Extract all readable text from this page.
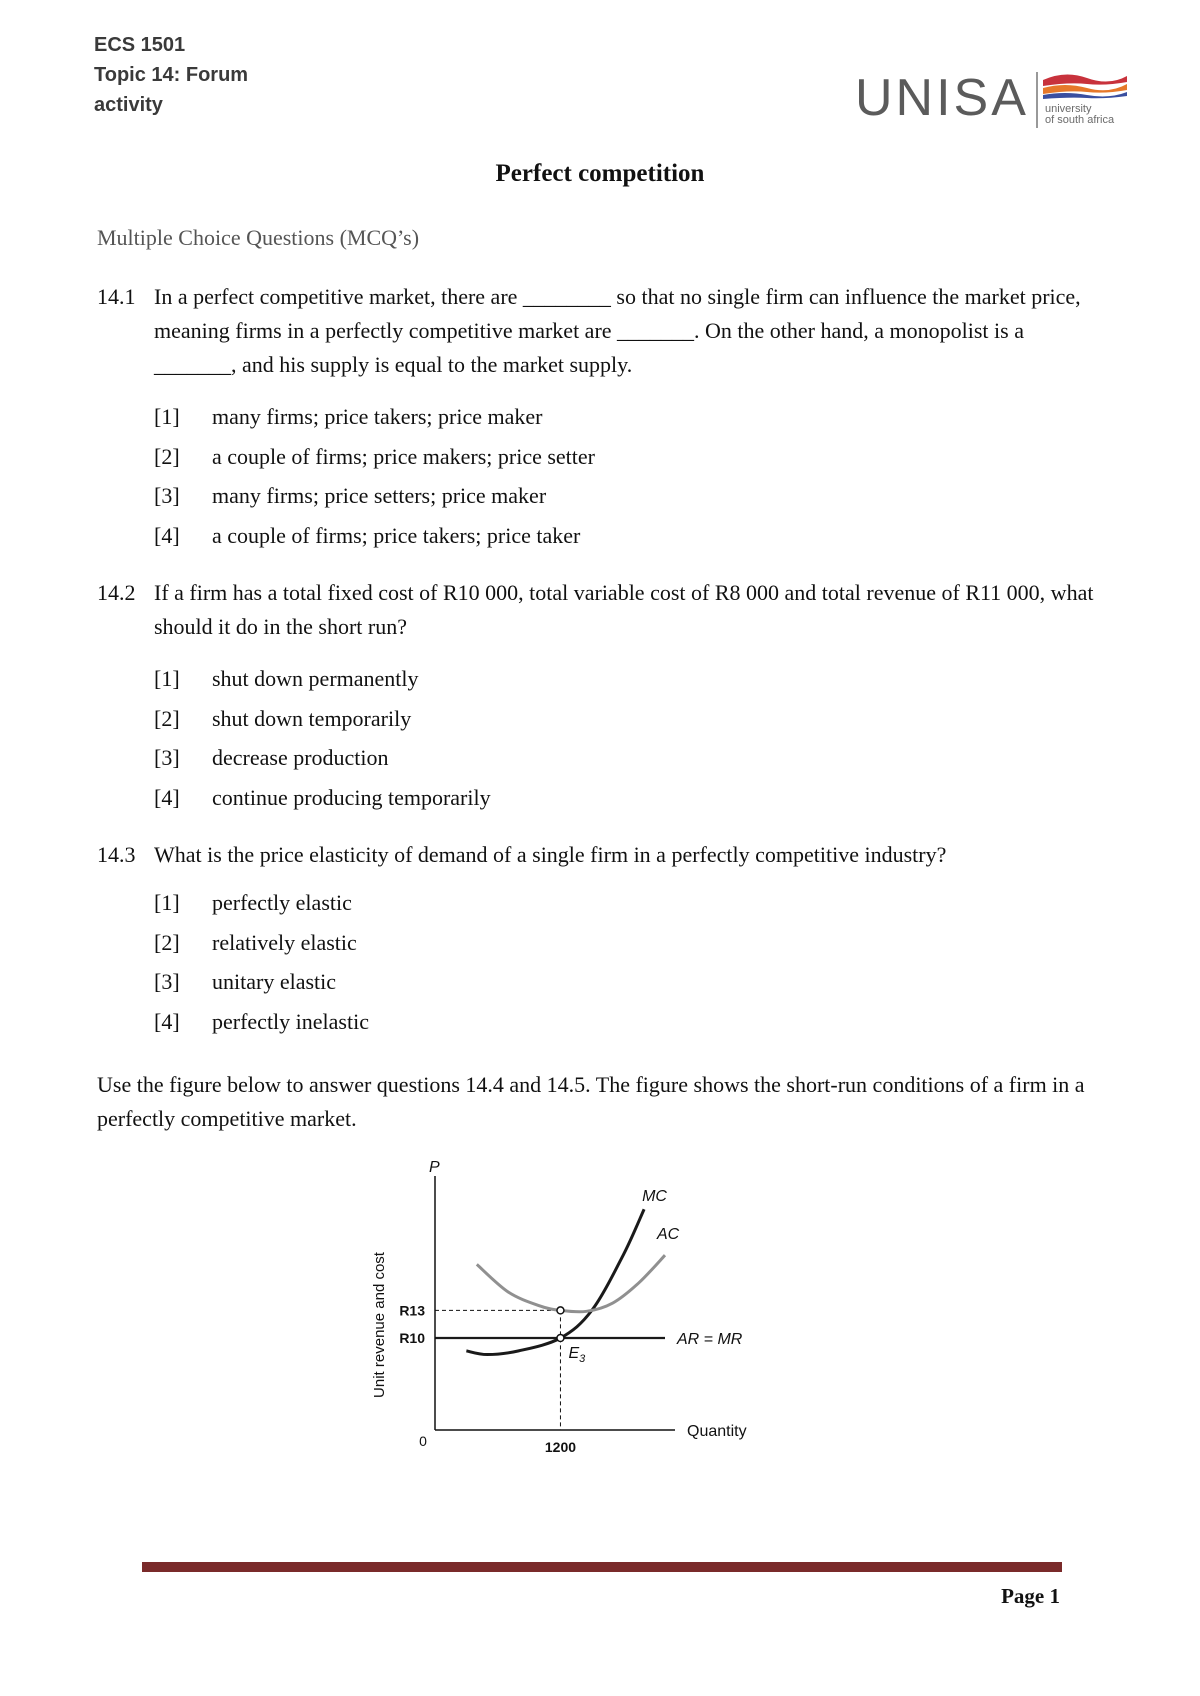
ECS 1501
Topic 14: Forum
activity	UNISA university
of south africa
Perfect competition
Multiple Choice Questions (MCQ’s)
14.1 In a perfect competitive market, there are ________ so that no single firm can influence the market price, meaning firms in a perfectly competitive market are _______. On the other hand, a monopolist is a _______, and his supply is equal to the market supply.
[1]	many firms; price takers; price maker
[2]	a couple of firms; price makers; price setter
[3]	many firms; price setters; price maker
[4]	a couple of firms; price takers; price taker
14.2 If a firm has a total fixed cost of R10 000, total variable cost of R8 000 and total revenue of R11 000, what should it do in the short run?
[1]	shut down permanently
[2]	shut down temporarily
[3]	decrease production
[4]	continue producing temporarily
14.3 What is the price elasticity of demand of a single firm in a perfectly competitive industry?
[1]	perfectly elastic
[2]	relatively elastic
[3]	unitary elastic
[4]	perfectly inelastic
Use the figure below to answer questions 14.4 and 14.5. The figure shows the short-run conditions of a firm in a perfectly competitive market.
MC
AC
AR = MR
R10
R13
1200
0
P
Quantity
Unit revenue and cost	$E_3$
Page 1
